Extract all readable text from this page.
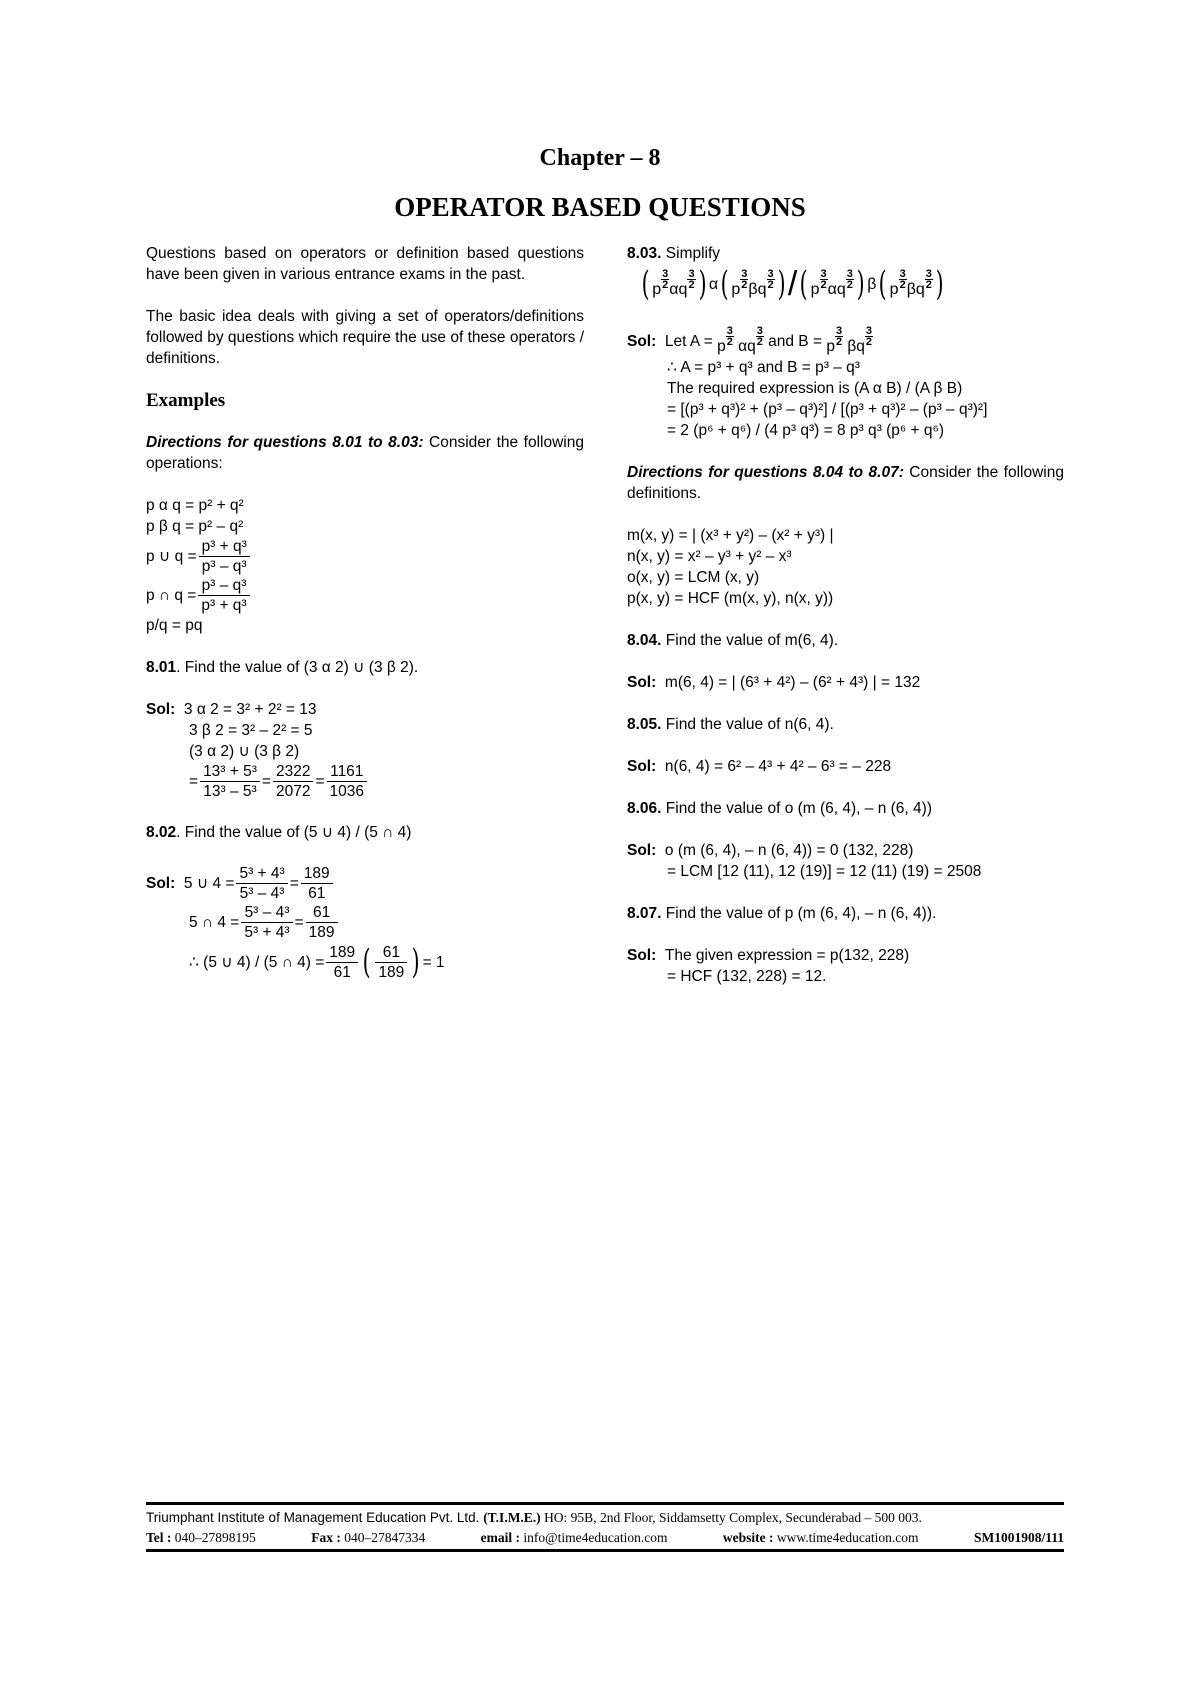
Chapter – 8
OPERATOR BASED QUESTIONS

Questions based on operators or definition based questions have been given in various entrance exams in the past.

The basic idea deals with giving a set of operators/definitions followed by questions which require the use of these operators / definitions.

Examples

Directions for questions 8.01 to 8.03: Consider the following operations:

p α q = p² + q²

p β q = p² – q²

p ∪ $q = \frac{\text{p³ + q³}}{\text{p³ – q³}}$
p ∩ $q = \frac{\text{p³ – q³}}{\text{p³ + q³}}$

p/q = pq

8.01. Find the value of (3 α 2) ∪ (3 β 2).

Sol: 3 α 2 = 3² + 2² = 13

3 β 2 = 3² – 2² = 5

(3 α 2) ∪ (3 β 2)

= $\frac{\text{13³ + 5³}}{\text{13³ – 5³}} = \frac{2322}{2072} = \frac{1161}{1036}$

8.02. Find the value of (5 ∪ 4) / (5 ∩ 4)

Sol:
5 ∪ $4 = \frac{\text{5³ + 4³}}{\text{5³ – 4³}} = \frac{189}{61}$
5 ∩ $4 = \frac{\text{5³ – 4³}}{\text{5³ + 4³}} = \frac{61}{189}$
∴ (5 ∪ 4) / (5 ∩ $4) = \frac{189}{61}$ ( $\frac{61}{189}$ ) = 1

8.03. Simplify

( p $\frac{3}{2}$ αq $\frac{3}{2}$ ) α ( p $\frac{3}{2}$ βq $\frac{3}{2}$ ) / ( p $\frac{3}{2}$ αq $\frac{3}{2}$ ) β ( p $\frac{3}{2}$ βq $\frac{3}{2}$ )
Sol:
Let A =
p $\frac{3}{2}$ αq $\frac{3}{2}$
and B =
p $\frac{3}{2}$ βq $\frac{3}{2}$

∴ A = p³ + q³ and B = p³ – q³

The required expression is (A α B) / (A β B)

= [(p³ + q³)² + (p³ – q³)²] / [(p³ + q³)² – (p³ – q³)²]

= 2 (p⁶ + q⁶) / (4 p³ q³) = 8 p³ q³ (p⁶ + q⁶)

Directions for questions 8.04 to 8.07: Consider the following definitions.

m(x, y) = | (x³ + y²) – (x² + y³) |

n(x, y) = x² – y³ + y² – x³

o(x, y) = LCM (x, y)

p(x, y) = HCF (m(x, y), n(x, y))

8.04. Find the value of m(6, 4).

Sol: m(6, 4) = | (6³ + 4²) – (6² + 4³) | = 132

8.05. Find the value of n(6, 4).

Sol: n(6, 4) = 6² – 4³ + 4² – 6³ = – 228

8.06. Find the value of o (m (6, 4), – n (6, 4))

Sol: o (m (6, 4), – n (6, 4)) = 0 (132, 228)

= LCM [12 (11), 12 (19)] = 12 (11) (19) = 2508

8.07. Find the value of p (m (6, 4), – n (6, 4)).

Sol: The given expression = p(132, 228)

= HCF (132, 228) = 12.

Triumphant Institute of Management Education Pvt. Ltd. (T.I.M.E.) HO: 95B, 2nd Floor, Siddamsetty Complex, Secunderabad – 500 003.
Tel : 040–27898195	Fax : 040–27847334	email : info@time4education.com	website : www.time4education.com	SM1001908/111
